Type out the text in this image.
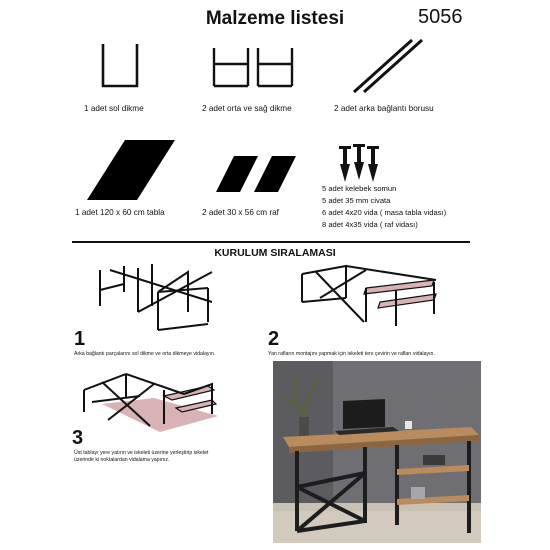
Malzeme listesi	5056
1 adet sol dikme	2 adet orta ve sağ dikme	2 adet arka bağlantı borusu
1 adet 120 x 60 cm tabla	2 adet 30 x 56 cm raf
5 adet kelebek somun
5 adet 35 mm civata
6 adet 4x20 vida ( masa tabla vidası)
8 adet 4x35 vida ( raf vidası)
KURULUM SIRALAMASI
1
Arka bağlantı parçalarını sol dikme ve orta dikmeye vidalayın.
2
Yan rafların montajını yapmak için iskeleti ters çevirin ve rafları vidalayın.
3
Üst tablayı yere yatırın ve iskeleti üzerine yerleştirip iskelet üzerinde ki noktalardan vidalama yapınız.
